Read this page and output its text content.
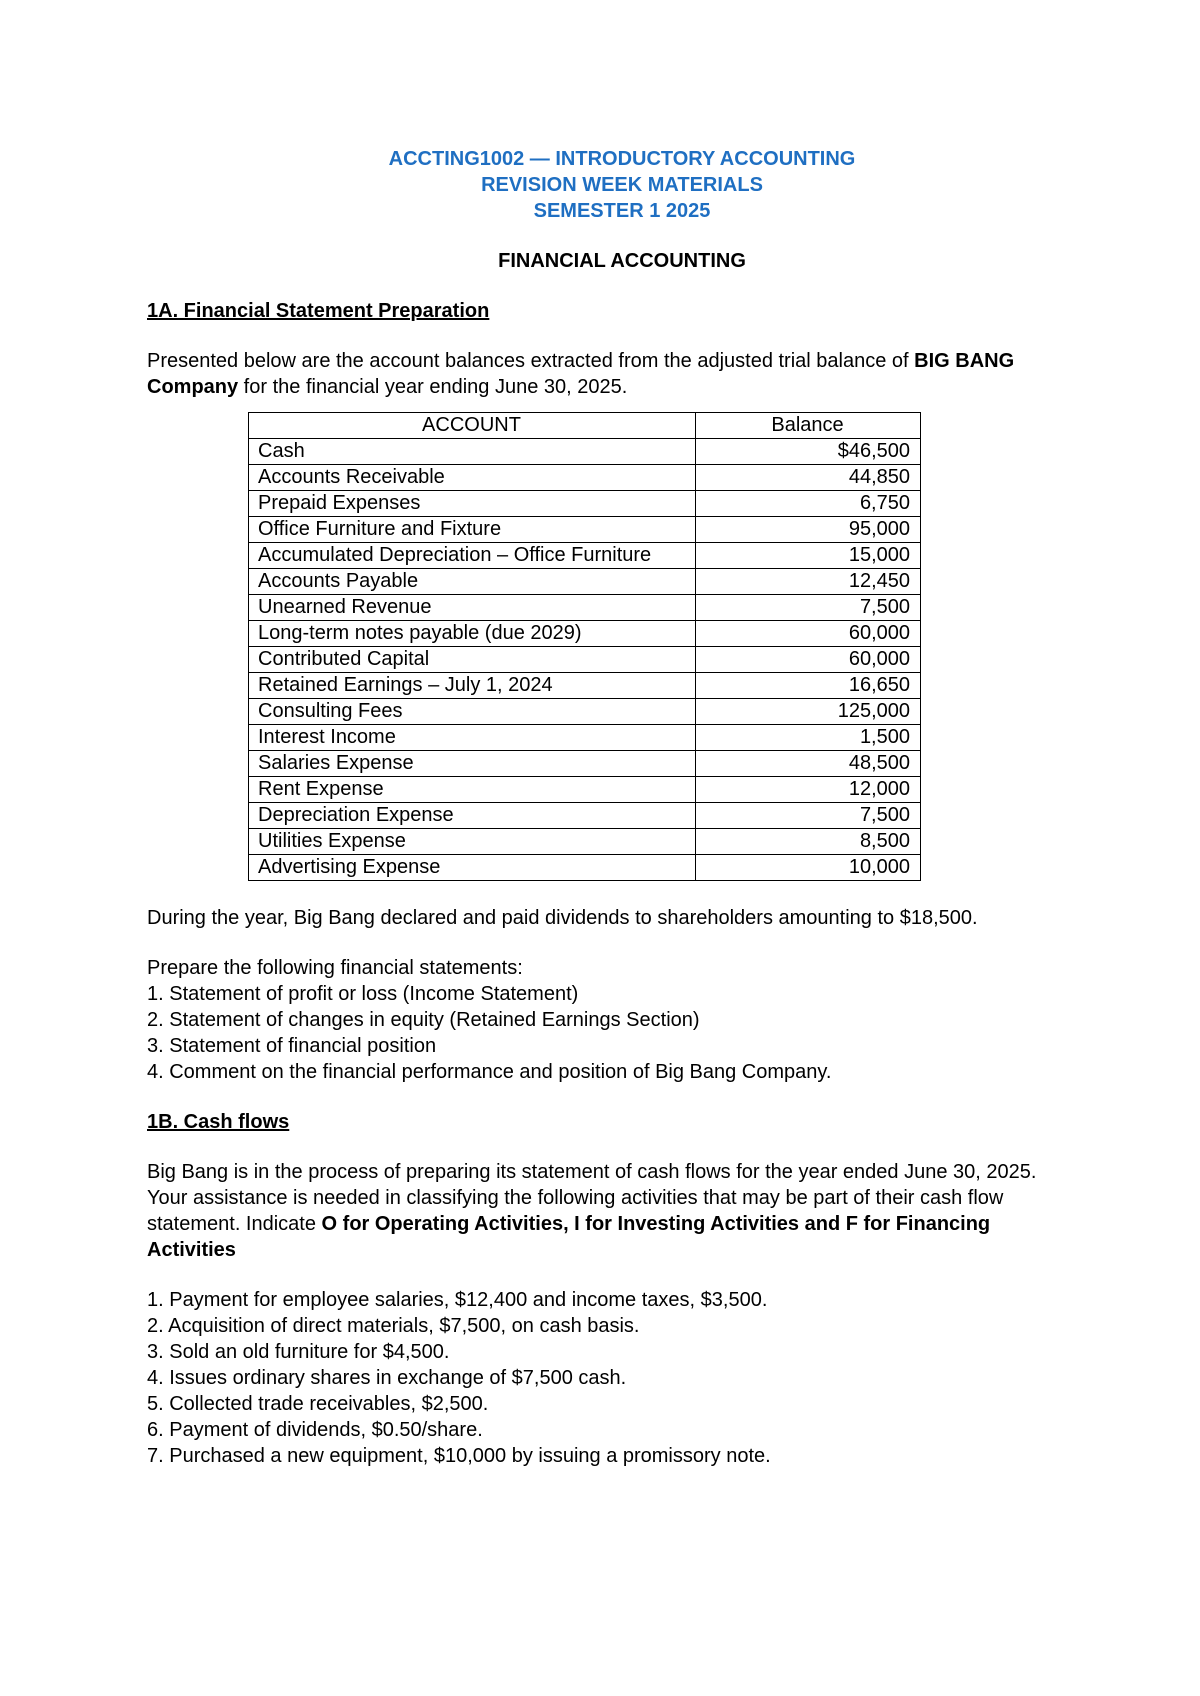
ACCTING1002 — INTRODUCTORY ACCOUNTING
REVISION WEEK MATERIALS
SEMESTER 1 2025
FINANCIAL ACCOUNTING
1A. Financial Statement Preparation

Presented below are the account balances extracted from the adjusted trial balance of BIG BANG Company for the financial year ending June 30, 2025.

ACCOUNT	Balance
Cash	$46,500
Accounts Receivable	44,850
Prepaid Expenses	6,750
Office Furniture and Fixture	95,000
Accumulated Depreciation – Office Furniture	15,000
Accounts Payable	12,450
Unearned Revenue	7,500
Long-term notes payable (due 2029)	60,000
Contributed Capital	60,000
Retained Earnings – July 1, 2024	16,650
Consulting Fees	125,000
Interest Income	1,500
Salaries Expense	48,500
Rent Expense	12,000
Depreciation Expense	7,500
Utilities Expense	8,500
Advertising Expense	10,000

During the year, Big Bang declared and paid dividends to shareholders amounting to $18,500.

Prepare the following financial statements:

1. Statement of profit or loss (Income Statement)
2. Statement of changes in equity (Retained Earnings Section)
3. Statement of financial position
4. Comment on the financial performance and position of Big Bang Company.
1B. Cash flows

Big Bang is in the process of preparing its statement of cash flows for the year ended June 30, 2025. Your assistance is needed in classifying the following activities that may be part of their cash flow statement. Indicate O for Operating Activities, I for Investing Activities and F for Financing Activities

1. Payment for employee salaries, $12,400 and income taxes, $3,500.
2. Acquisition of direct materials, $7,500, on cash basis.
3. Sold an old furniture for $4,500.
4. Issues ordinary shares in exchange of $7,500 cash.
5. Collected trade receivables, $2,500.
6. Payment of dividends, $0.50/share.
7. Purchased a new equipment, $10,000 by issuing a promissory note.
